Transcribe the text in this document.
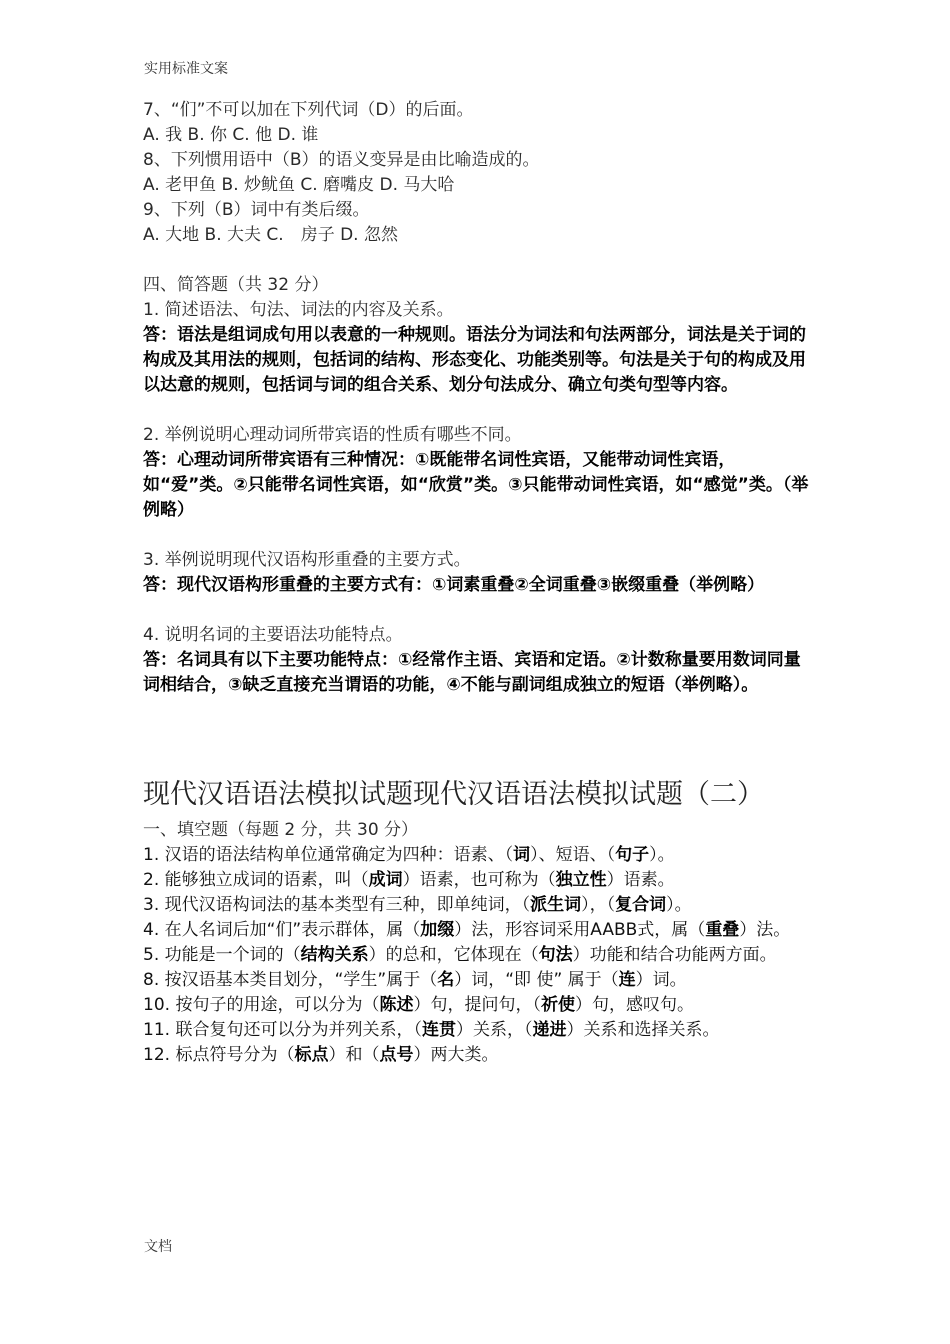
实用标准文案
7、“们”不可以加在下列代词（D）的后面。
A. 我 B. 你 C. 他 D. 谁
8、下列惯用语中（B）的语义变异是由比喻造成的。
A. 老甲鱼 B. 炒鱿鱼 C. 磨嘴皮 D. 马大哈
9、下列（B）词中有类后缀。
A. 大地 B. 大夫 C.　房子 D. 忽然
四、简答题（共 32 分）
1. 简述语法、句法、词法的内容及关系。
答：语法是组词成句用以表意的一种规则。语法分为词法和句法两部分，词法是关于词的构成及其用法的规则，包括词的结构、形态变化、功能类别等。句法是关于句的构成及用以达意的规则，包括词与词的组合关系、划分句法成分、确立句类句型等内容。
2. 举例说明心理动词所带宾语的性质有哪些不同。
答：心理动词所带宾语有三种情况：①既能带名词性宾语，又能带动词性宾语，如“爱”类。②只能带名词性宾语，如“欣赏”类。③只能带动词性宾语，如“感觉”类。（举例略）
3. 举例说明现代汉语构形重叠的主要方式。
答：现代汉语构形重叠的主要方式有：①词素重叠②全词重叠③嵌缀重叠（举例略）
4. 说明名词的主要语法功能特点。
答：名词具有以下主要功能特点：①经常作主语、宾语和定语。②计数称量要用数词同量词相结合，③缺乏直接充当谓语的功能，④不能与副词组成独立的短语（举例略）。
现代汉语语法模拟试题现代汉语语法模拟试题（二）
一、填空题（每题 2 分，共 30 分）
1. 汉语的语法结构单位通常确定为四种：语素、（词）、短语、（句子）。
2. 能够独立成词的语素，叫（成词）语素，也可称为（独立性）语素。
3. 现代汉语构词法的基本类型有三种，即单纯词，（派生词），（复合词）。
4. 在人名词后加“们”表示群体，属（加缀）法，形容词采用AABB式，属（重叠）法。
5. 功能是一个词的（结构关系）的总和，它体现在（句法）功能和结合功能两方面。
8. 按汉语基本类目划分，“学生”属于（名）词，“即 使” 属于（连）词。
10. 按句子的用途，可以分为（陈述）句，提问句，（祈使）句，感叹句。
11. 联合复句还可以分为并列关系，（连贯）关系，（递进）关系和选择关系。
12. 标点符号分为（标点）和（点号）两大类。
文档
